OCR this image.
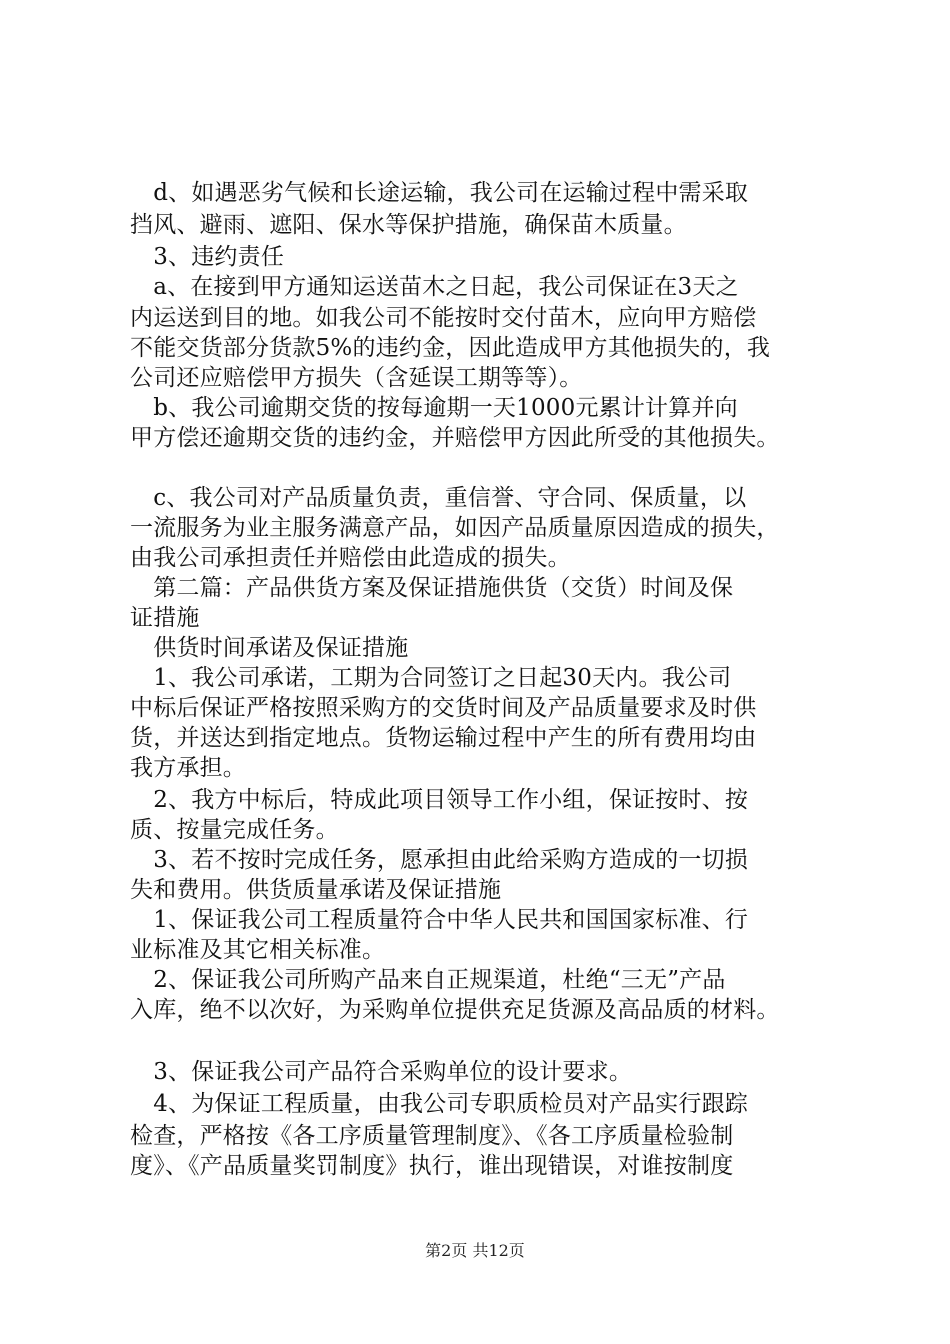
　d、如遇恶劣气候和长途运输，我公司在运输过程中需采取
挡风、避雨、遮阳、保水等保护措施，确保苗木质量。
　3、违约责任
　a、在接到甲方通知运送苗木之日起，我公司保证在3天之
内运送到目的地。如我公司不能按时交付苗木，应向甲方赔偿
不能交货部分货款5%的违约金，因此造成甲方其他损失的，我
公司还应赔偿甲方损失（含延误工期等等）。
　b、我公司逾期交货的按每逾期一天1000元累计计算并向
甲方偿还逾期交货的违约金，并赔偿甲方因此所受的其他损失。
　c、我公司对产品质量负责，重信誉、守合同、保质量，以
一流服务为业主服务满意产品，如因产品质量原因造成的损失，
由我公司承担责任并赔偿由此造成的损失。
　第二篇：产品供货方案及保证措施供货（交货）时间及保
证措施
　供货时间承诺及保证措施
　1、我公司承诺，工期为合同签订之日起30天内。我公司
中标后保证严格按照采购方的交货时间及产品质量要求及时供
货，并送达到指定地点。货物运输过程中产生的所有费用均由
我方承担。
　2、我方中标后，特成此项目领导工作小组，保证按时、按
质、按量完成任务。
　3、若不按时完成任务，愿承担由此给采购方造成的一切损
失和费用。供货质量承诺及保证措施
　1、保证我公司工程质量符合中华人民共和国国家标准、行
业标准及其它相关标准。
　2、保证我公司所购产品来自正规渠道，杜绝“三无”产品
入库，绝不以次好，为采购单位提供充足货源及高品质的材料。
　3、保证我公司产品符合采购单位的设计要求。
　4、为保证工程质量，由我公司专职质检员对产品实行跟踪
检查，严格按《各工序质量管理制度》、《各工序质量检验制
度》、《产品质量奖罚制度》执行，谁出现错误，对谁按制度
第2页 共12页
